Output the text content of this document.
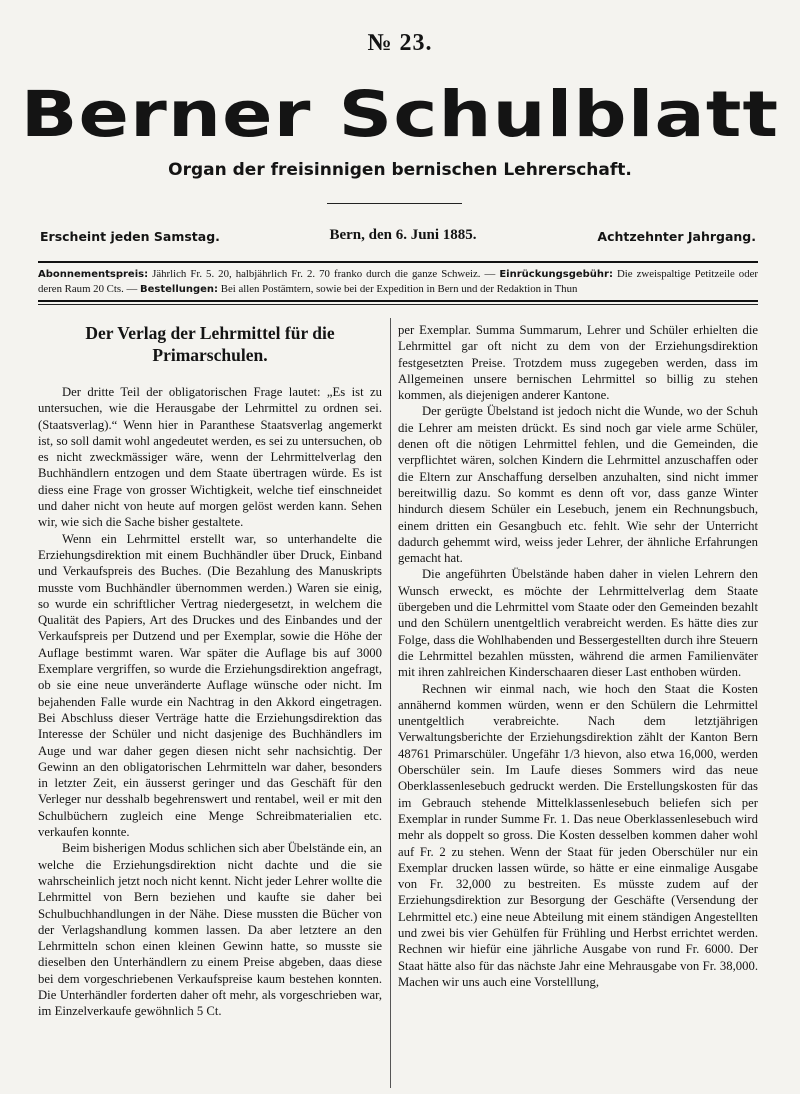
№ 23.
Berner Schulblatt
Organ der freisinnigen bernischen Lehrerschaft.
Erscheint jeden Samstag.	Bern, den 6. Juni 1885.	Achtzehnter Jahrgang.
Abonnementspreis: Jährlich Fr. 5. 20, halbjährlich Fr. 2. 70 franko durch die ganze Schweiz. — Einrückungsgebühr: Die zweispaltige Petitzeile oder deren Raum 20 Cts. — Bestellungen: Bei allen Postämtern, sowie bei der Expedition in Bern und der Redaktion in Thun
Der Verlag der Lehrmittel für die Primarschulen.

Der dritte Teil der obligatorischen Frage lautet: „Es ist zu untersuchen, wie die Herausgabe der Lehrmittel zu ordnen sei. (Staatsverlag).“ Wenn hier in Paranthese Staatsverlag angemerkt ist, so soll damit wohl angedeutet werden, es sei zu untersuchen, ob es nicht zweckmässiger wäre, wenn der Lehrmittelverlag den Buchhändlern entzogen und dem Staate übertragen würde. Es ist diess eine Frage von grosser Wichtigkeit, welche tief einschneidet und daher nicht von heute auf morgen gelöst werden kann. Sehen wir, wie sich die Sache bisher gestaltete.

Wenn ein Lehrmittel erstellt war, so unterhandelte die Erziehungsdirektion mit einem Buchhändler über Druck, Einband und Verkaufspreis des Buches. (Die Bezahlung des Manuskripts musste vom Buchhändler übernommen werden.) Waren sie einig, so wurde ein schriftlicher Vertrag niedergesetzt, in welchem die Qualität des Papiers, Art des Druckes und des Einbandes und der Verkaufspreis per Dutzend und per Exemplar, sowie die Höhe der Auflage bestimmt waren. War später die Auflage bis auf 3000 Exemplare vergriffen, so wurde die Erziehungsdirektion angefragt, ob sie eine neue unveränderte Auflage wünsche oder nicht. Im bejahenden Falle wurde ein Nachtrag in den Akkord eingetragen. Bei Abschluss dieser Verträge hatte die Erziehungsdirektion das Interesse der Schüler und nicht dasjenige des Buchhändlers im Auge und war daher gegen diesen nicht sehr nachsichtig. Der Gewinn an den obligatorischen Lehrmitteln war daher, besonders in letzter Zeit, ein äusserst geringer und das Geschäft für den Verleger nur desshalb begehrenswert und rentabel, weil er mit den Schulbüchern zugleich eine Menge Schreibmaterialien etc. verkaufen konnte.

Beim bisherigen Modus schlichen sich aber Übelstände ein, an welche die Erziehungsdirektion nicht dachte und die sie wahrscheinlich jetzt noch nicht kennt. Nicht jeder Lehrer wollte die Lehrmittel von Bern beziehen und kaufte sie daher bei Schulbuchhandlungen in der Nähe. Diese mussten die Bücher von der Verlagshandlung kommen lassen. Da aber letztere an den Lehrmitteln schon einen kleinen Gewinn hatte, so musste sie dieselben den Unterhändlern zu einem Preise abgeben, daas diese bei dem vorgeschriebenen Verkaufspreise kaum bestehen konnten. Die Unterhändler forderten daher oft mehr, als vorgeschrieben war, im Einzelverkaufe gewöhnlich 5 Ct.

per Exemplar. Summa Summarum, Lehrer und Schüler erhielten die Lehrmittel gar oft nicht zu dem von der Erziehungsdirektion festgesetzten Preise. Trotzdem muss zugegeben werden, dass im Allgemeinen unsere bernischen Lehrmittel so billig zu stehen kommen, als diejenigen anderer Kantone.

Der gerügte Übelstand ist jedoch nicht die Wunde, wo der Schuh die Lehrer am meisten drückt. Es sind noch gar viele arme Schüler, denen oft die nötigen Lehrmittel fehlen, und die Gemeinden, die verpflichtet wären, solchen Kindern die Lehrmittel anzuschaffen oder die Eltern zur Anschaffung derselben anzuhalten, sind nicht immer bereitwillig dazu. So kommt es denn oft vor, dass ganze Winter hindurch diesem Schüler ein Lesebuch, jenem ein Rechnungsbuch, einem dritten ein Gesangbuch etc. fehlt. Wie sehr der Unterricht dadurch gehemmt wird, weiss jeder Lehrer, der ähnliche Erfahrungen gemacht hat.

Die angeführten Übelstände haben daher in vielen Lehrern den Wunsch erweckt, es möchte der Lehrmittelverlag dem Staate übergeben und die Lehrmittel vom Staate oder den Gemeinden bezahlt und den Schülern unentgeltlich verabreicht werden. Es hätte dies zur Folge, dass die Wohlhabenden und Bessergestellten durch ihre Steuern die Lehrmittel bezahlen müssten, während die armen Familienväter mit ihren zahlreichen Kinderschaaren dieser Last enthoben würden.

Rechnen wir einmal nach, wie hoch den Staat die Kosten annähernd kommen würden, wenn er den Schülern die Lehrmittel unentgeltlich verabreichte. Nach dem letztjährigen Verwaltungsberichte der Erziehungsdirektion zählt der Kanton Bern 48761 Primarschüler. Ungefähr 1/3 hievon, also etwa 16,000, werden Oberschüler sein. Im Laufe dieses Sommers wird das neue Oberklassenlesebuch gedruckt werden. Die Erstellungskosten für das im Gebrauch stehende Mittelklassenlesebuch beliefen sich per Exemplar in runder Summe Fr. 1. Das neue Oberklassenlesebuch wird mehr als doppelt so gross. Die Kosten desselben kommen daher wohl auf Fr. 2 zu stehen. Wenn der Staat für jeden Oberschüler nur ein Exemplar drucken lassen würde, so hätte er eine einmalige Ausgabe von Fr. 32,000 zu bestreiten. Es müsste zudem auf der Erziehungsdirektion zur Besorgung der Geschäfte (Versendung der Lehrmittel etc.) eine neue Abteilung mit einem ständigen Angestellten und zwei bis vier Gehülfen für Frühling und Herbst errichtet werden. Rechnen wir hiefür eine jährliche Ausgabe von rund Fr. 6000. Der Staat hätte also für das nächste Jahr eine Mehrausgabe von Fr. 38,000. Machen wir uns auch eine Vorstelllung,
